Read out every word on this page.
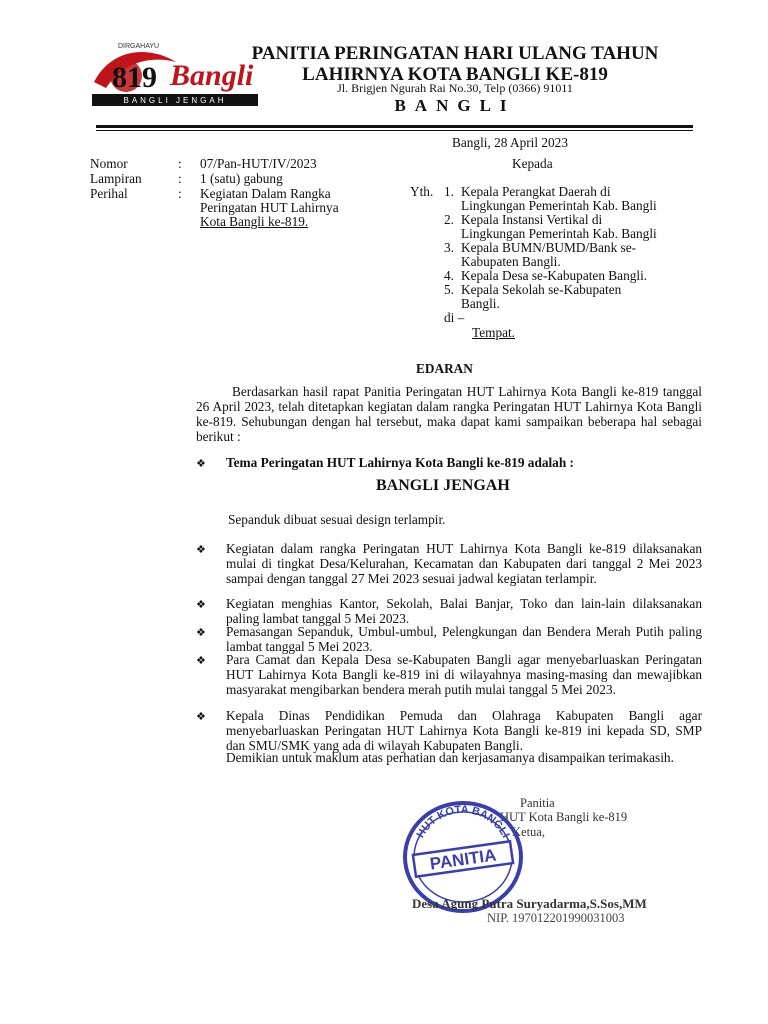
819 Bangli
DIRGAHAYU
BANGLI JENGAH
PANITIA PERINGATAN HARI ULANG TAHUN
LAHIRNYA KOTA BANGLI KE-819
Jl. Brigjen Ngurah Rai No.30, Telp (0366) 91011
BANGLI
Bangli, 28 April 2023
Nomor	: 07/Pan-HUT/IV/2023
Lampiran	: 1 (satu) gabung
Perihal	: Kegiatan Dalam Rangka
Peringatan HUT Lahirnya
Kota Bangli ke-819.
Kepada
Yth. 1. Kepala Perangkat Daerah di
Lingkungan Pemerintah Kab. Bangli
2. Kepala Instansi Vertikal di
Lingkungan Pemerintah Kab. Bangli
3. Kepala BUMN/BUMD/Bank se-
Kabupaten Bangli.
4. Kepala Desa se-Kabupaten Bangli.
5. Kepala Sekolah se-Kabupaten
Bangli.
di –
Tempat.
EDARAN
Berdasarkan hasil rapat Panitia Peringatan HUT Lahirnya Kota Bangli ke-819 tanggal 26 April 2023, telah ditetapkan kegiatan dalam rangka Peringatan HUT Lahirnya Kota Bangli ke-819. Sehubungan dengan hal tersebut, maka dapat kami sampaikan beberapa hal sebagai berikut :
❖	Tema Peringatan HUT Lahirnya Kota Bangli ke-819 adalah :
BANGLI JENGAH
Sepanduk dibuat sesuai design terlampir.
❖	Kegiatan dalam rangka Peringatan HUT Lahirnya Kota Bangli ke-819 dilaksanakan mulai di tingkat Desa/Kelurahan, Kecamatan dan Kabupaten dari tanggal 2 Mei 2023 sampai dengan tanggal 27 Mei 2023 sesuai jadwal kegiatan terlampir.
❖	Kegiatan menghias Kantor, Sekolah, Balai Banjar, Toko dan lain-lain dilaksanakan paling lambat tanggal 5 Mei 2023.
❖	Pemasangan Sepanduk, Umbul-umbul, Pelengkungan dan Bendera Merah Putih paling lambat tanggal 5 Mei 2023.
❖	Para Camat dan Kepala Desa se-Kabupaten Bangli agar menyebarluaskan Peringatan HUT Lahirnya Kota Bangli ke-819 ini di wilayahnya masing-masing dan mewajibkan masyarakat mengibarkan bendera merah putih mulai tanggal 5 Mei 2023.
❖	Kepala Dinas Pendidikan Pemuda dan Olahraga Kabupaten Bangli agar menyebarluaskan Peringatan HUT Lahirnya Kota Bangli ke-819 ini kepada SD, SMP dan SMU/SMK yang ada di wilayah Kabupaten Bangli.
Demikian untuk maklum atas perhatian dan kerjasamanya disampaikan terimakasih.
Panitia
HUT Kota Bangli ke-819
Ketua,
HUT KOTA BANGLI
PANITIA
Desa Agung Putra Suryadarma,S.Sos,MM
NIP. 197012201990031003
